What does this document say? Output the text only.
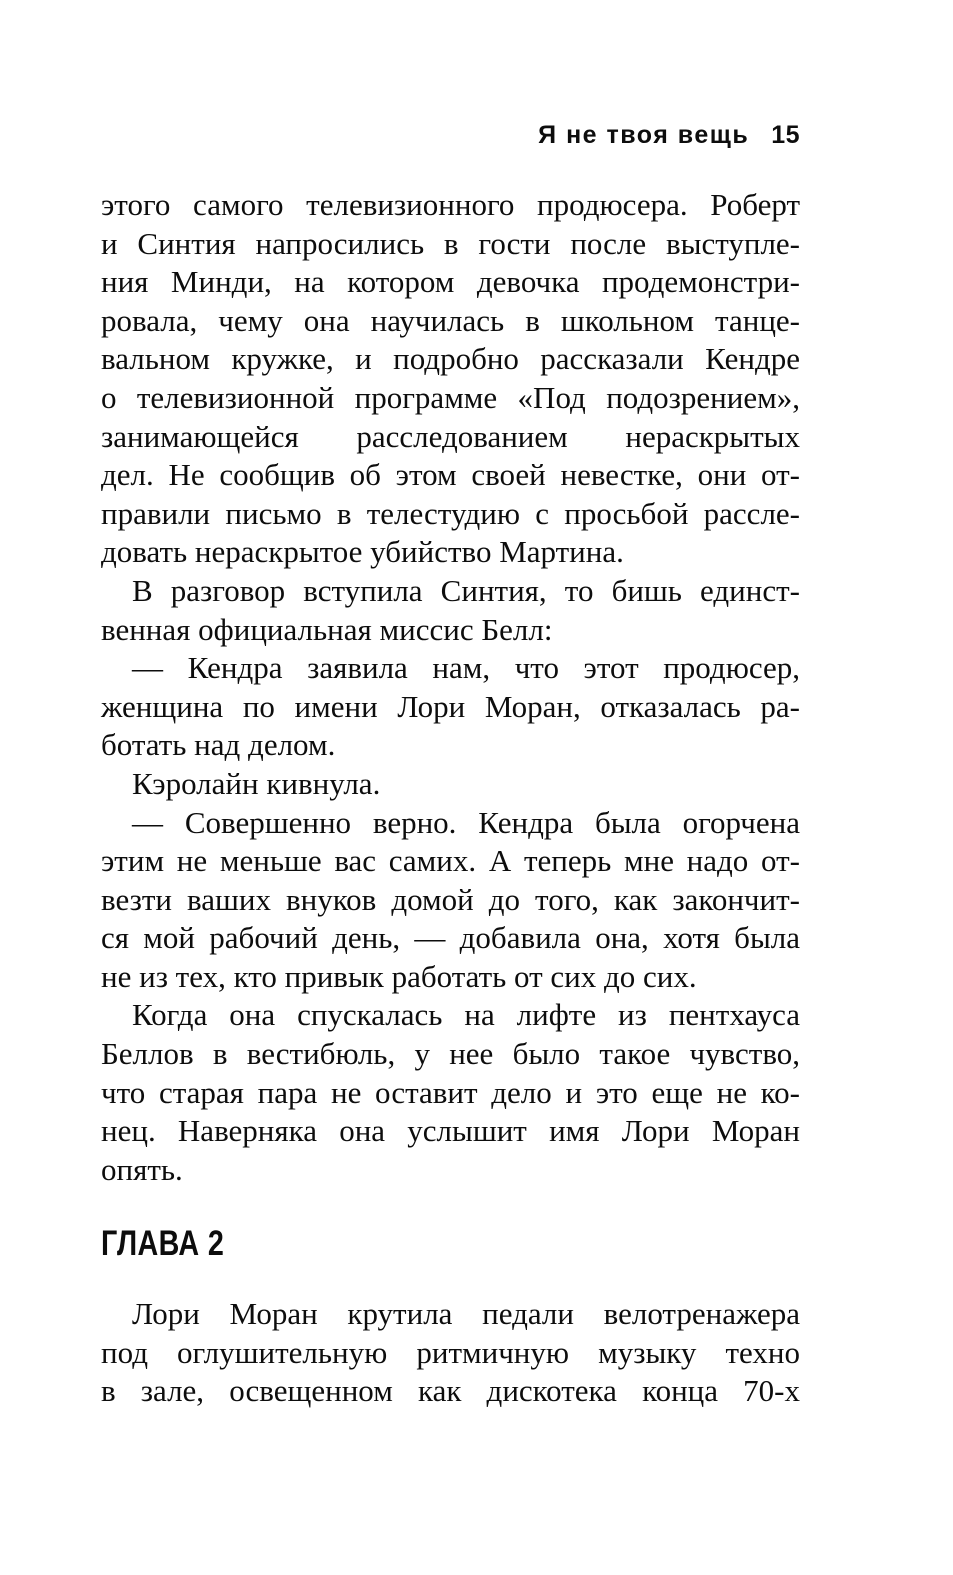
Я не твоя вещь 15
этого самого телевизионного продюсера. Роберт
и Синтия напросились в гости после выступле-
ния Минди, на котором девочка продемонстри-
ровала, чему она научилась в школьном танце-
вальном кружке, и подробно рассказали Кендре
о телевизионной программе «Под подозрением»,
занимающейся расследованием нераскрытых
дел. Не сообщив об этом своей невестке, они от-
правили письмо в телестудию с просьбой рассле-
довать нераскрытое убийство Мартина.
В разговор вступила Синтия, то бишь единст-
венная официальная миссис Белл:
— Кендра заявила нам, что этот продюсер,
женщина по имени Лори Моран, отказалась ра-
ботать над делом.
Кэролайн кивнула.
— Совершенно верно. Кендра была огорчена
этим не меньше вас самих. А теперь мне надо от-
везти ваших внуков домой до того, как закончит-
ся мой рабочий день, — добавила она, хотя была
не из тех, кто привык работать от сих до сих.
Когда она спускалась на лифте из пентхауса
Беллов в вестибюль, у нее было такое чувство,
что старая пара не оставит дело и это еще не ко-
нец. Наверняка она услышит имя Лори Моран
опять.
ГЛАВА 2
Лори Моран крутила педали велотренажера
под оглушительную ритмичную музыку техно
в зале, освещенном как дискотека конца 70-х
